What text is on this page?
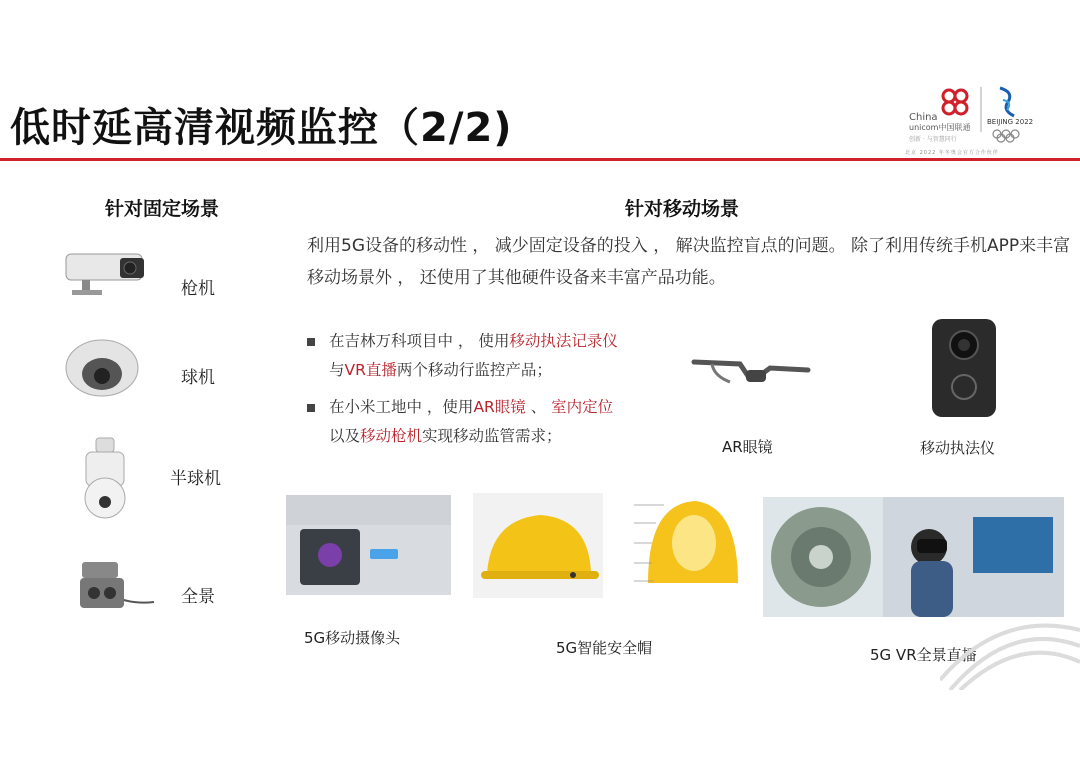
低时延高清视频监控（2/2)	China
unicom中国联通
创新 · 与智慧同行
BEIJING 2022
北京 2022 年冬奥会官方合作伙伴
针对固定场景
枪机
球机
半球机
全景
针对移动场景
利用5G设备的移动性 ， 减少固定设备的投入 ， 解决监控盲点的问题。 除了利用传统手机APP来丰富移动场景外 ， 还使用了其他硬件设备来丰富产品功能。
在吉林万科项目中 ， 使用移动执法记录仪
与VR直播两个移动行监控产品；
在小米工地中 ，使用AR眼镜 、 室内定位
以及移动枪机实现移动监管需求；
AR眼镜	移动执法仪
5G移动摄像头
5G智能安全帽	5G VR全景直播
